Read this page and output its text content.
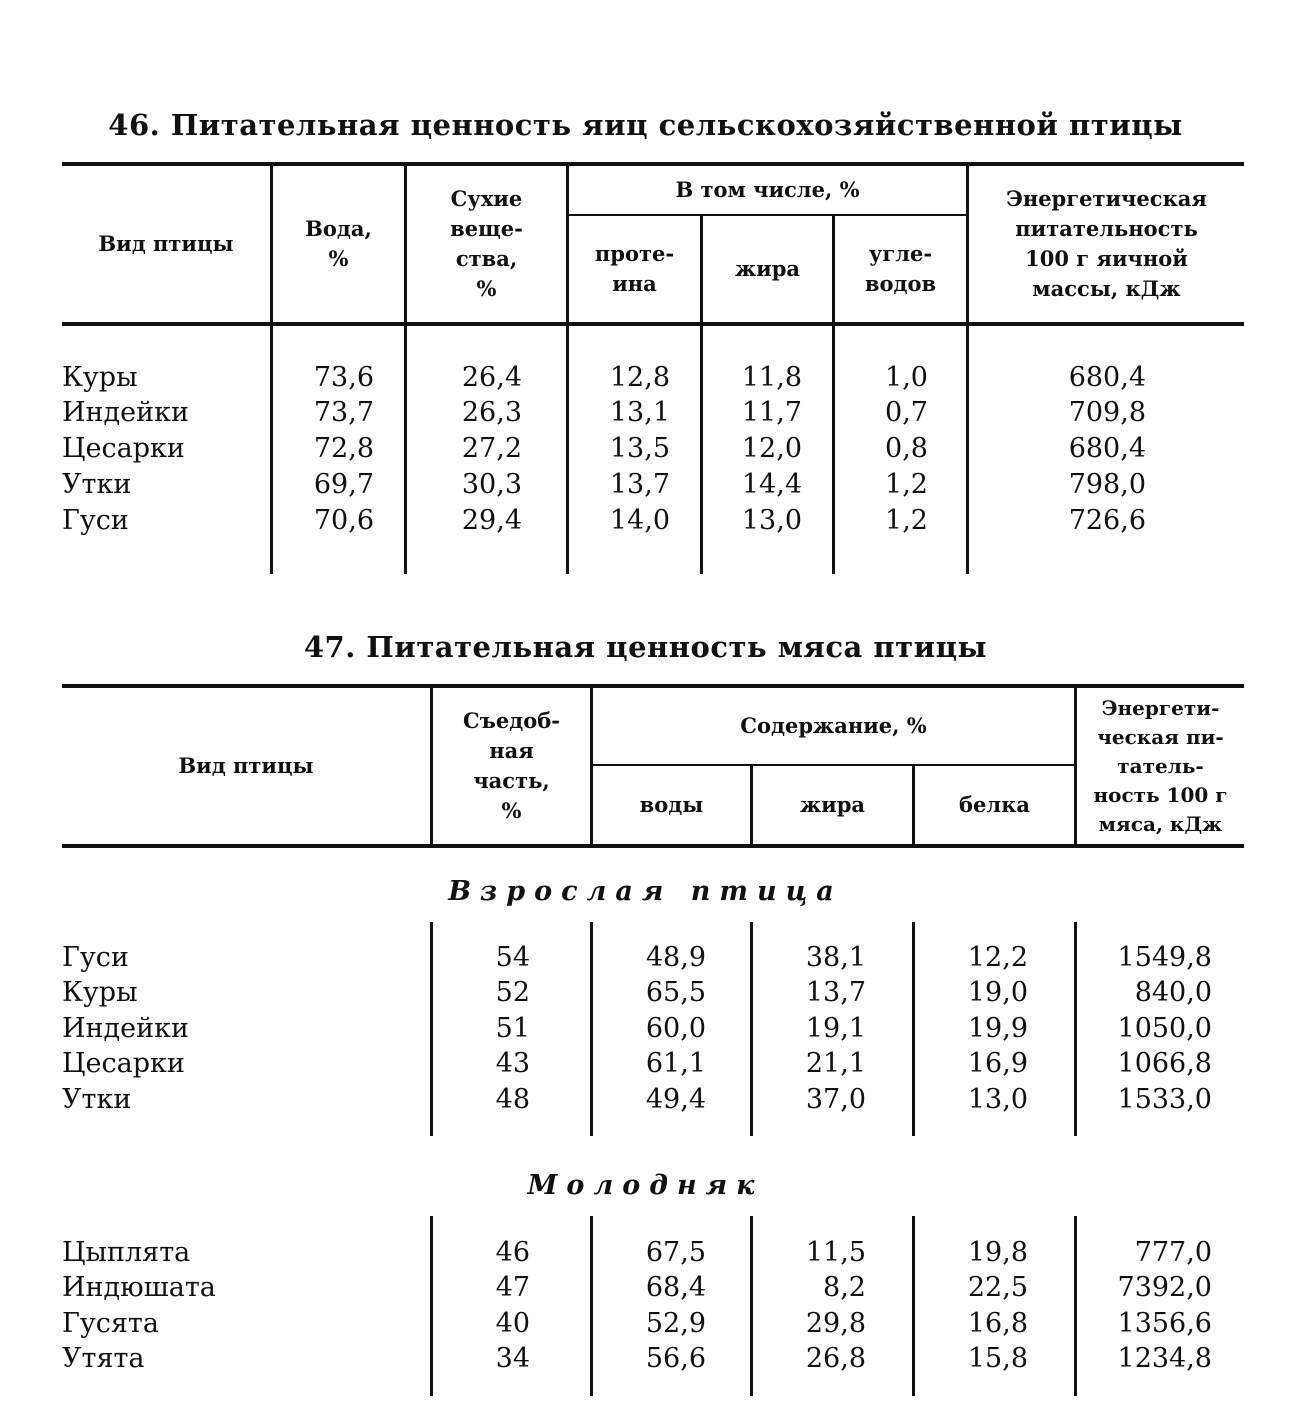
46. Питательная ценность яиц сельскохозяйственной птицы
Вид птицы
Вода,
%
Сухие
веще-
ства,
%
В том числе, %
проте-
ина
жира
угле-
водов
Энергетическая
питательность
100 г яичной
массы, кДж
Куры	73,6	26,4	12,8	11,8	1,0	680,4
Индейки	73,7	26,3	13,1	11,7	0,7	709,8
Цесарки	72,8	27,2	13,5	12,0	0,8	680,4
Утки	69,7	30,3	13,7	14,4	1,2	798,0
Гуси	70,6	29,4	14,0	13,0	1,2	726,6
47. Питательная ценность мяса птицы
Вид птицы
Съедоб-
ная
часть,
%
Содержание, %
воды	жира	белка
Энергети-
ческая пи-
татель-
ность 100 г
мяса, кДж
Взрослая птица
Гуси	54	48,9	38,1	12,2	1549,8
Куры	52	65,5	13,7	19,0	840,0
Индейки	51	60,0	19,1	19,9	1050,0
Цесарки	43	61,1	21,1	16,9	1066,8
Утки	48	49,4	37,0	13,0	1533,0
Молодняк
Цыплята	46	67,5	11,5	19,8	777,0
Индюшата	47	68,4	8,2	22,5	7392,0
Гусята	40	52,9	29,8	16,8	1356,6
Утята	34	56,6	26,8	15,8	1234,8
